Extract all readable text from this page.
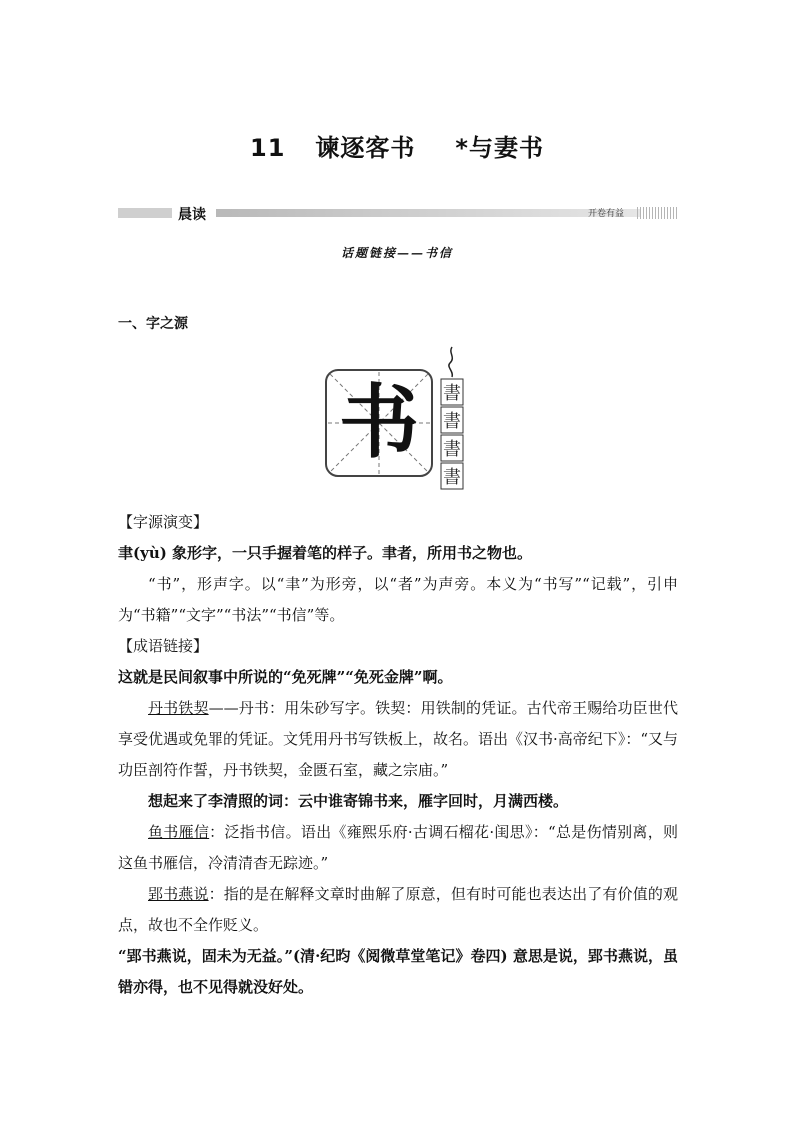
11 谏逐客书 *与妻书
晨读	开卷有益
话题链接——书信
一、字之源
书 書
書
書
書

【字源演变】

聿(yù) 象形字，一只手握着笔的样子。聿者，所用书之物也。

“书”，形声字。以“聿”为形旁，以“者”为声旁。本义为“书写”“记载”，引申为“书籍”“文字”“书法”“书信”等。

【成语链接】

这就是民间叙事中所说的“免死牌”“免死金牌”啊。

丹书铁契——丹书：用朱砂写字。铁契：用铁制的凭证。古代帝王赐给功臣世代享受优遇或免罪的凭证。文凭用丹书写铁板上，故名。语出《汉书·高帝纪下》：“又与功臣剖符作誓，丹书铁契，金匮石室，藏之宗庙。”

想起来了李清照的词：云中谁寄锦书来，雁字回时，月满西楼。

鱼书雁信：泛指书信。语出《雍熙乐府·古调石榴花·闺思》：“总是伤情别离，则这鱼书雁信，冷清清杳无踪迹。”

郢书燕说：指的是在解释文章时曲解了原意，但有时可能也表达出了有价值的观点，故也不全作贬义。

“郢书燕说，固未为无益。”(清·纪昀《阅微草堂笔记》卷四) 意思是说，郢书燕说，虽错亦得，也不见得就没好处。
